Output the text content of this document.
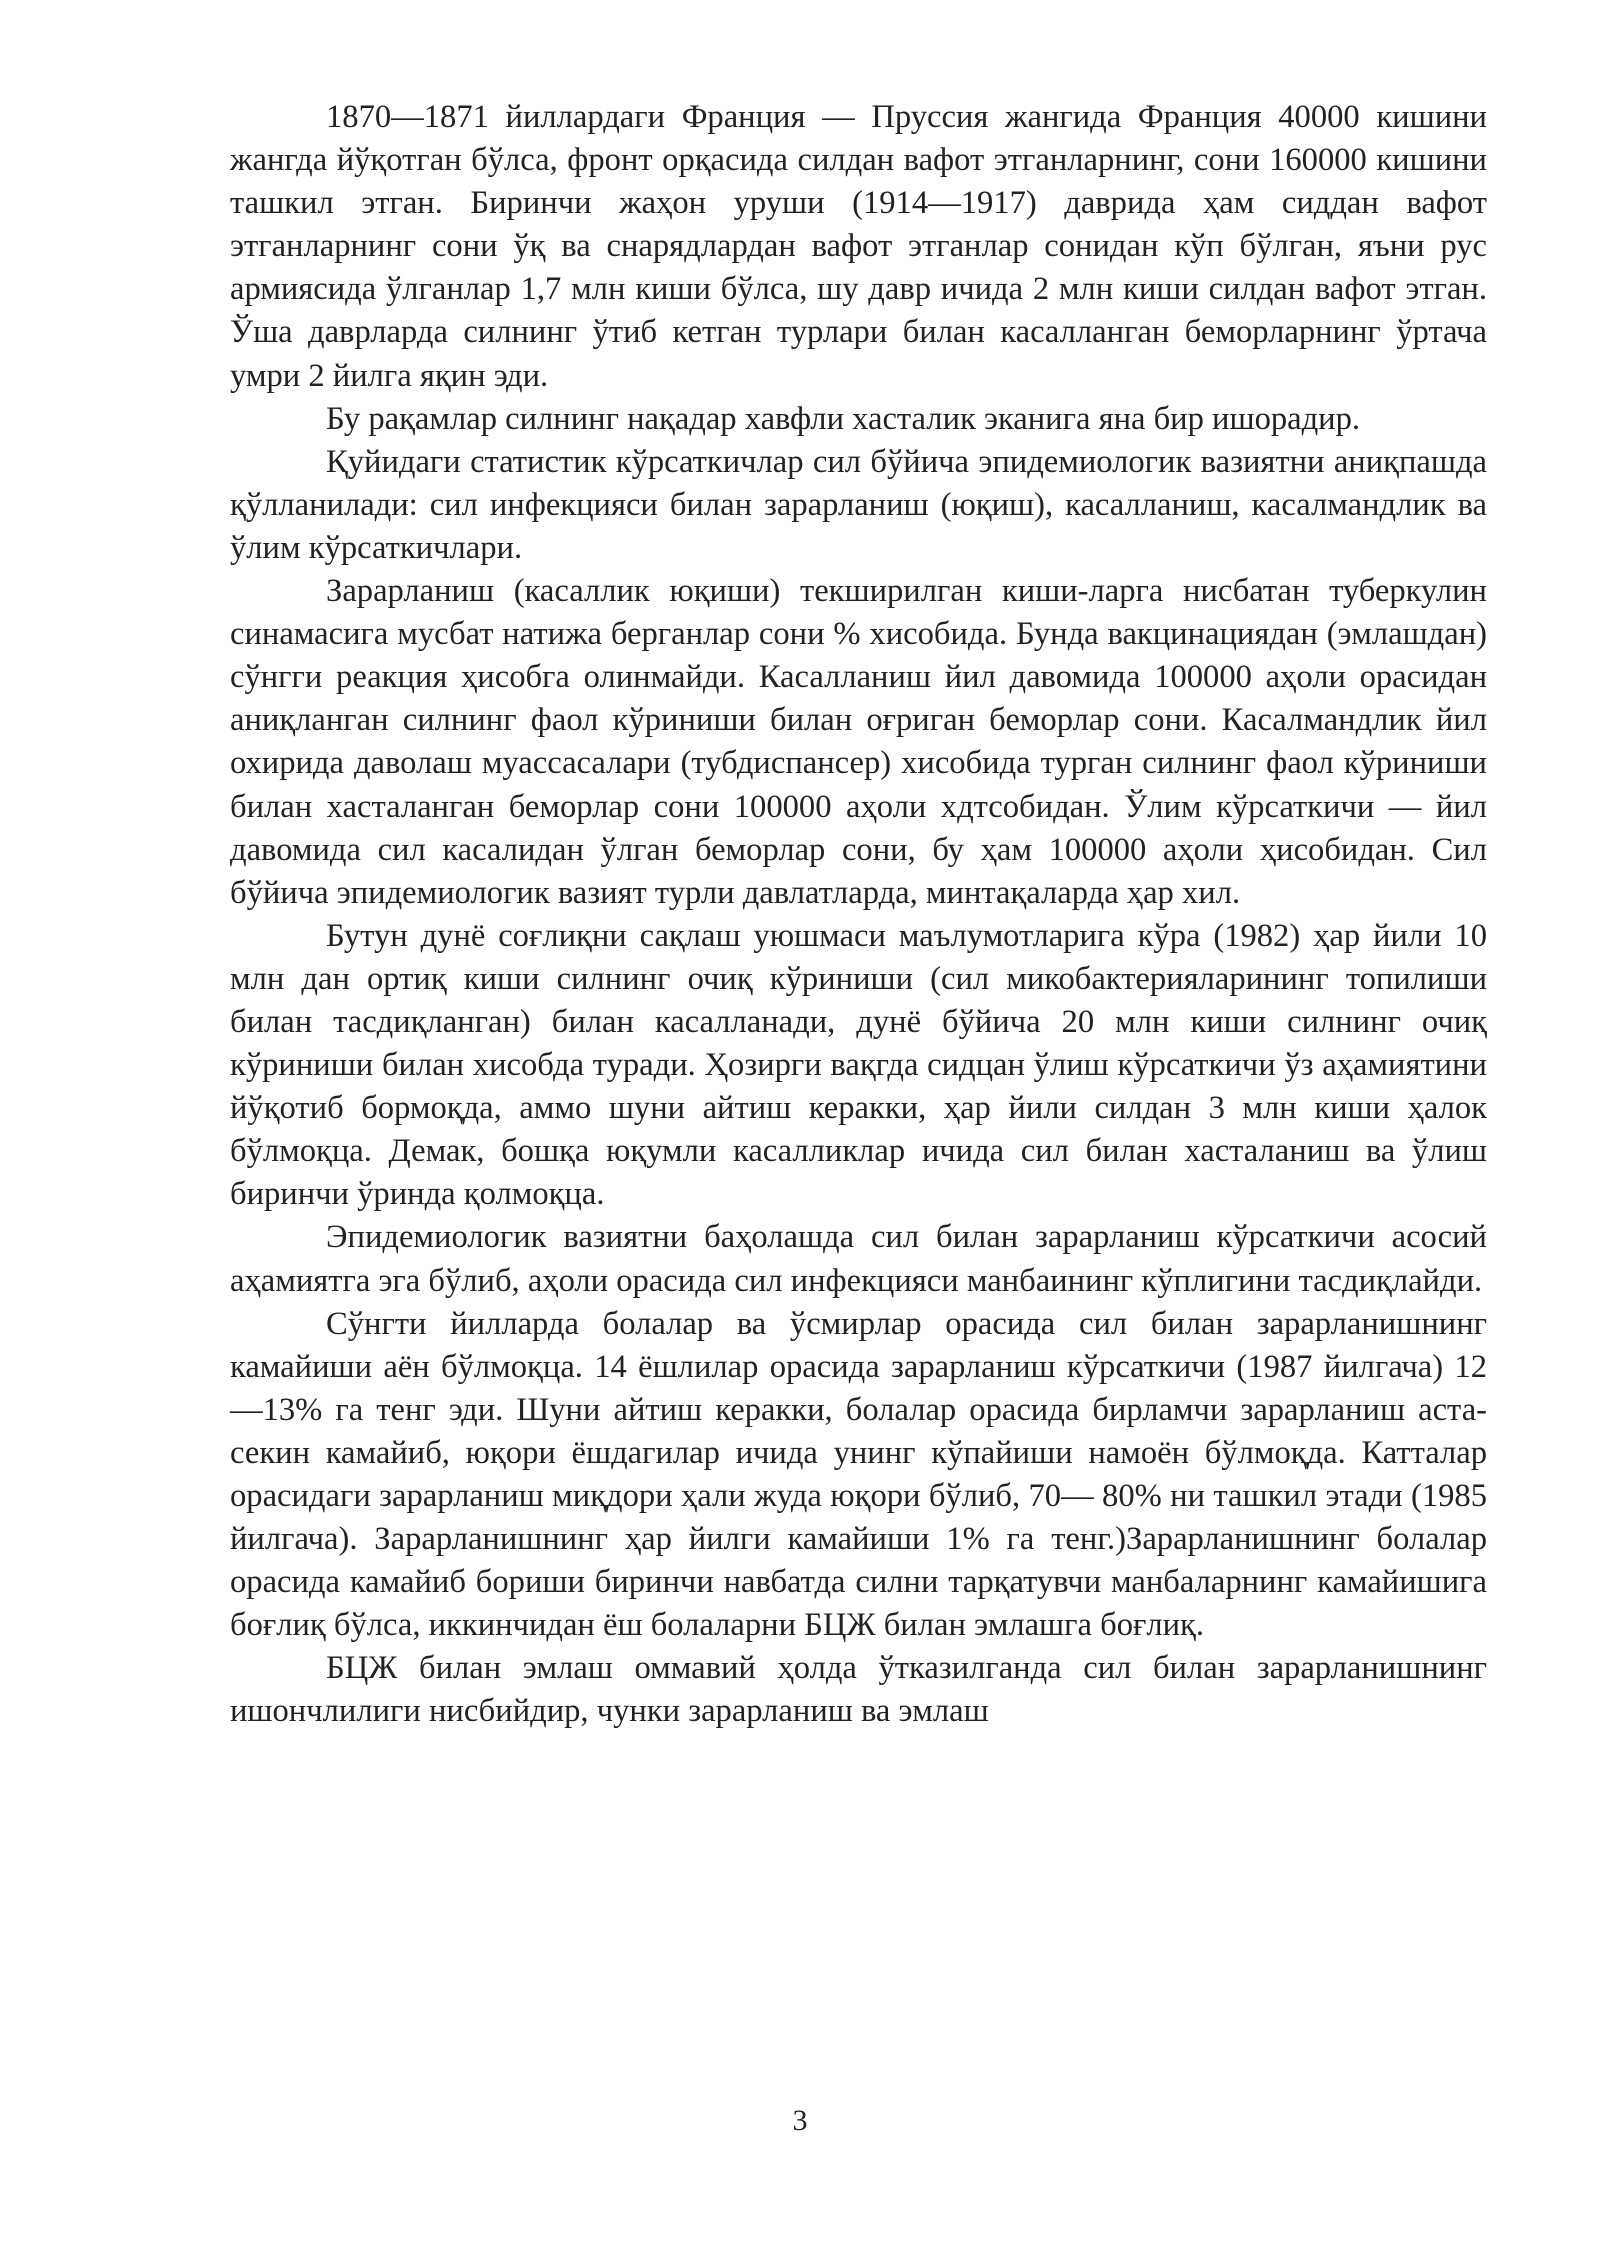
1870—1871 йиллардаги Франция — Пруссия жангида Франция 40000 кишини жангда йўқотган бўлса, фронт орқасида силдан вафот этганларнинг, сони 160000 кишини ташкил этган. Биринчи жаҳон уруши (1914—1917) даврида ҳам сиддан вафот этганларнинг сони ўқ ва снарядлардан вафот этганлар сонидан кўп бўлган, яъни рус армиясида ўлганлар 1,7 млн киши бўлса, шу давр ичида 2 млн киши силдан вафот этган. Ўша даврларда силнинг ўтиб кетган турлари билан касалланган беморларнинг ўртача умри 2 йилга яқин эди.

Бу рақамлар силнинг нақадар хавфли хасталик эканига яна бир ишорадир.

Қуйидаги статистик кўрсаткичлар сил бўйича эпидемиологик вазиятни аниқпашда қўлланилади: сил инфекцияси билан зарарланиш (юқиш), касалланиш, касалмандлик ва ўлим кўрсаткичлари.

Зарарланиш (касаллик юқиши) текширилган киши-ларга нисбатан туберкулин синамасига мусбат натижа берганлар сони % хисобида. Бунда вакцинациядан (эмлашдан) сўнгги реакция ҳисобга олинмайди. Касалланиш йил давомида 100000 аҳоли орасидан аниқланган силнинг фаол кўриниши билан оғриган беморлар сони. Касалмандлик йил охирида даволаш муассасалари (тубдиспансер) хисобида турган силнинг фаол кўриниши билан хасталанган беморлар сони 100000 аҳоли хдтсобидан. Ўлим кўрсаткичи — йил давомида сил касалидан ўлган беморлар сони, бу ҳам 100000 аҳоли ҳисобидан. Сил бўйича эпидемиологик вазият турли давлатларда, минтақаларда ҳар хил.

Бутун дунё соғлиқни сақлаш уюшмаси маълумотларига кўра (1982) ҳар йили 10 млн дан ортиқ киши силнинг очиқ кўриниши (сил микобактерияларининг топилиши билан тасдиқланган) билан касалланади, дунё бўйича 20 млн киши силнинг очиқ кўриниши билан хисобда туради. Ҳозирги вақгда сидцан ўлиш кўрсаткичи ўз аҳамиятини йўқотиб бормоқда, аммо шуни айтиш керакки, ҳар йили силдан 3 млн киши ҳалок бўлмоқца. Демак, бошқа юқумли касалликлар ичида сил билан хасталаниш ва ўлиш биринчи ўринда қолмоқца.

Эпидемиологик вазиятни баҳолашда сил билан зарарланиш кўрсаткичи асосий аҳамиятга эга бўлиб, аҳоли орасида сил инфекцияси манбаининг кўплигини тасдиқлайди.

Сўнгти йилларда болалар ва ўсмирлар орасида сил билан зарарланишнинг камайиши аён бўлмоқца. 14 ёшлилар орасида зарарланиш кўрсаткичи (1987 йилгача) 12—13% га тенг эди. Шуни айтиш керакки, болалар орасида бирламчи зарарланиш аста-секин камайиб, юқори ёшдагилар ичида унинг кўпайиши намоён бўлмоқда. Катталар орасидаги зарарланиш миқдори ҳали жуда юқори бўлиб, 70— 80% ни ташкил этади (1985 йилгача). Зарарланишнинг ҳар йилги камайиши 1% га тенг.)Зарарланишнинг болалар орасида камайиб бориши биринчи навбатда силни тарқатувчи манбаларнинг камайишига боғлиқ бўлса, иккинчидан ёш болаларни БЦЖ билан эмлашга боғлиқ.

БЦЖ билан эмлаш оммавий ҳолда ўтказилганда сил билан зарарланишнинг ишончлилиги нисбийдир, чунки зарарланиш ва эмлаш

3
